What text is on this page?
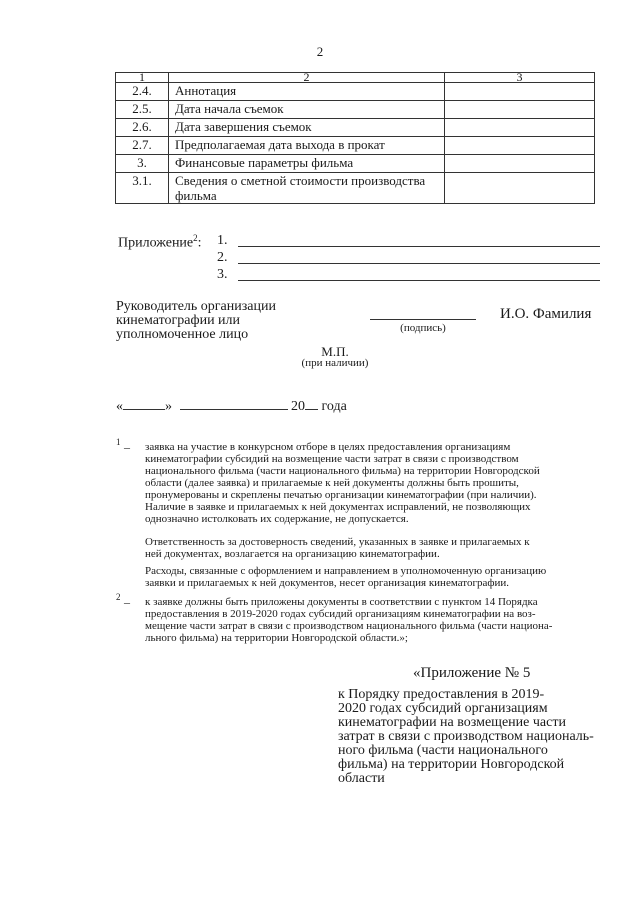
2
1	2	3
2.4.	Аннотация	
2.5.	Дата начала съемок	
2.6.	Дата завершения съемок	
2.7.	Предполагаемая дата выхода в прокат	
3.	Финансовые параметры фильма	
3.1.	Сведения о сметной стоимости производства фильма	
Приложение$^2$: 1.
2.
3.
Руководитель организации
кинематографии или
уполномоченное лицо	(подпись)
И.О. Фамилия
М.П.
(при наличии)
«	»	20 года
1 – заявка на участие в конкурсном отборе в целях предоставления организациям
кинематографии субсидий на возмещение части затрат в связи с производством
национального фильма (части национального фильма) на территории Новгородской
области (далее заявка) и прилагаемые к ней документы должны быть прошиты,
пронумерованы и скреплены печатью организации кинематографии (при наличии).
Наличие в заявке и прилагаемых к ней документах исправлений, не позволяющих
однозначно истолковать их содержание, не допускается.
Ответственность за достоверность сведений, указанных в заявке и прилагаемых к
ней документах, возлагается на организацию кинематографии.
Расходы, связанные с оформлением и направлением в уполномоченную организацию
заявки и прилагаемых к ней документов, несет организация кинематографии.
2 – к заявке должны быть приложены документы в соответствии с пунктом 14 Порядка
предоставления в 2019-2020 годах субсидий организациям кинематографии на воз-
мещение части затрат в связи с производством национального фильма (части национа-
льного фильма) на территории Новгородской области.»;
«Приложение № 5
к Порядку предоставления в 2019-
2020 годах субсидий организациям
кинематографии на возмещение части
затрат в связи с производством националь-
ного фильма (части национального
фильма) на территории Новгородской
области
